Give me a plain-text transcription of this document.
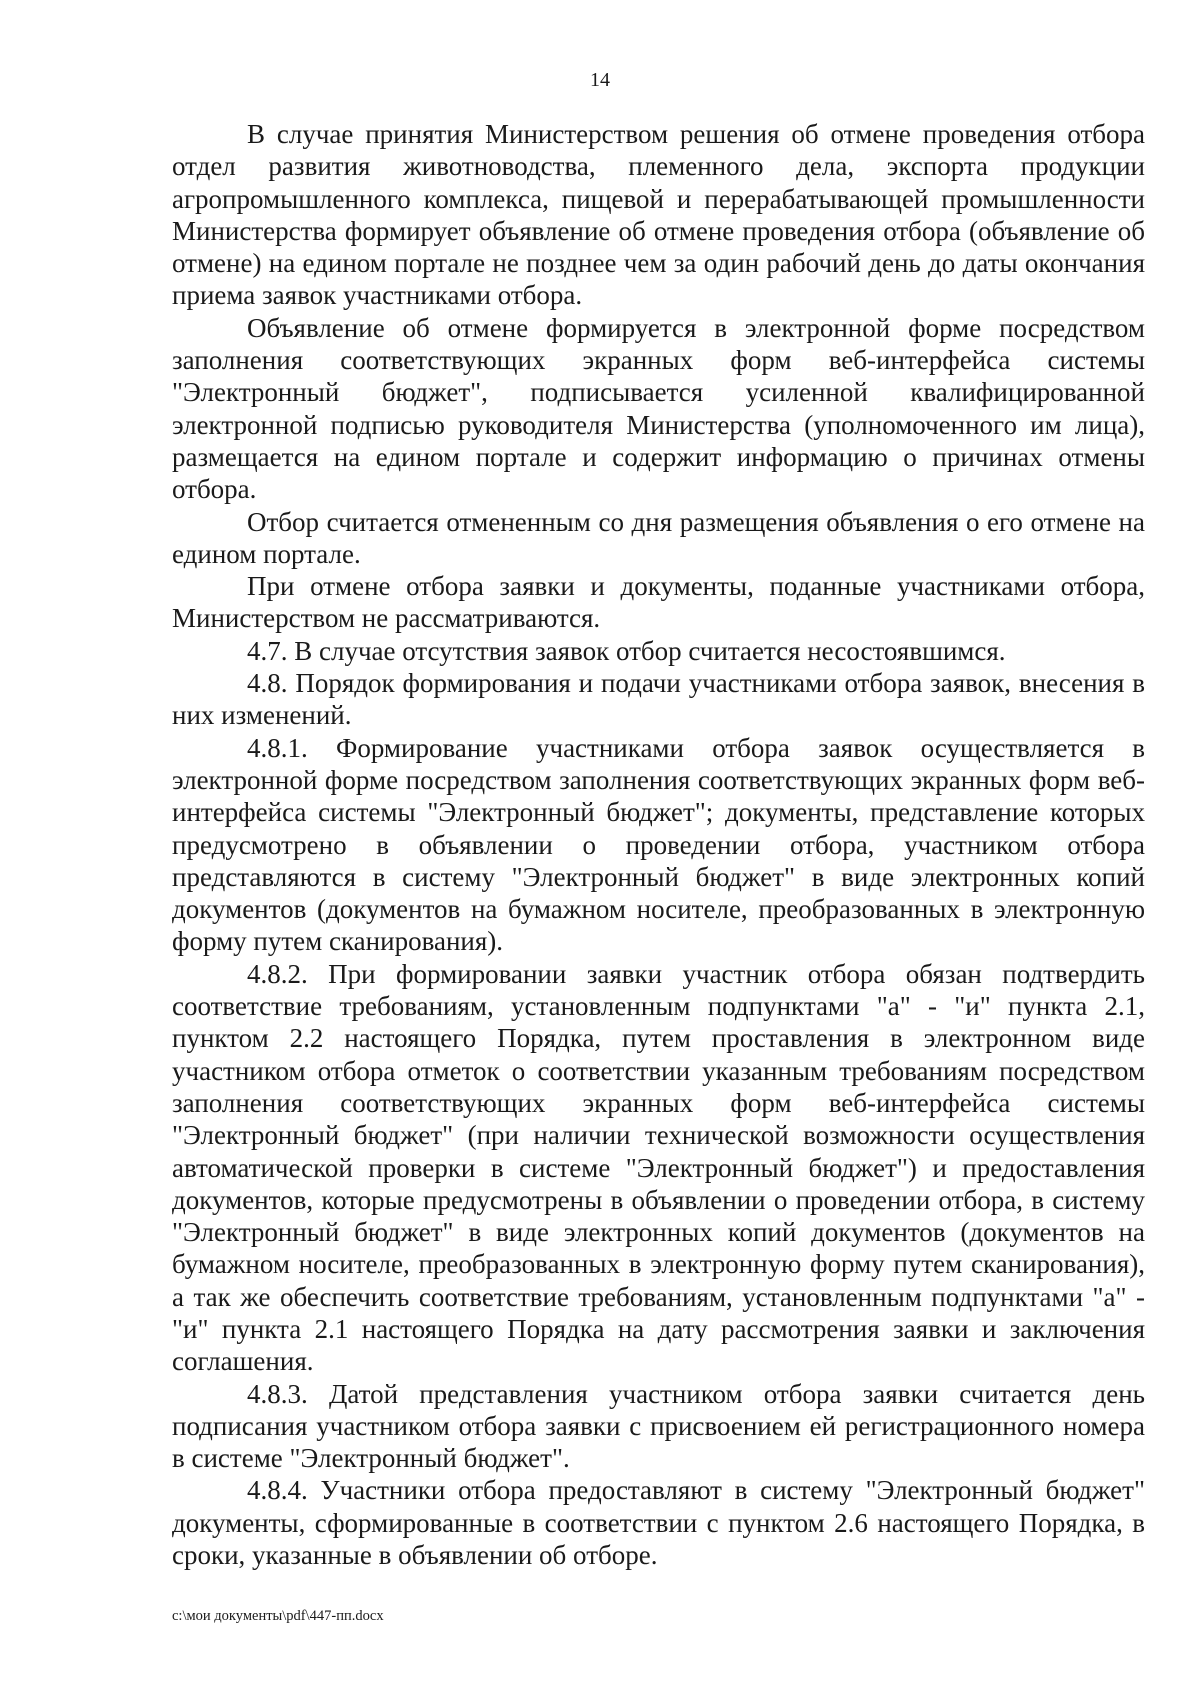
14

В случае принятия Министерством решения об отмене проведения отбора отдел развития животноводства, племенного дела, экспорта продукции агропромышленного комплекса, пищевой и перерабатывающей промышленности Министерства формирует объявление об отмене проведения отбора (объявление об отмене) на едином портале не позднее чем за один рабочий день до даты окончания приема заявок участниками отбора.

Объявление об отмене формируется в электронной форме посредством заполнения соответствующих экранных форм веб-интерфейса системы "Электронный бюджет", подписывается усиленной квалифицированной электронной подписью руководителя Министерства (уполномоченного им лица), размещается на едином портале и содержит информацию о причинах отмены отбора.

Отбор считается отмененным со дня размещения объявления о его отмене на едином портале.

При отмене отбора заявки и документы, поданные участниками отбора, Министерством не рассматриваются.

4.7. В случае отсутствия заявок отбор считается несостоявшимся.

4.8. Порядок формирования и подачи участниками отбора заявок, внесения в них изменений.

4.8.1. Формирование участниками отбора заявок осуществляется в электронной форме посредством заполнения соответствующих экранных форм веб-интерфейса системы "Электронный бюджет"; документы, представление которых предусмотрено в объявлении о проведении отбора, участником отбора представляются в систему "Электронный бюджет" в виде электронных копий документов (документов на бумажном носителе, преобразованных в электронную форму путем сканирования).

4.8.2. При формировании заявки участник отбора обязан подтвердить соответствие требованиям, установленным подпунктами "а" - "и" пункта 2.1, пунктом 2.2 настоящего Порядка, путем проставления в электронном виде участником отбора отметок о соответствии указанным требованиям посредством заполнения соответствующих экранных форм веб-интерфейса системы "Электронный бюджет" (при наличии технической возможности осуществления автоматической проверки в системе "Электронный бюджет") и предоставления документов, которые предусмотрены в объявлении о проведении отбора, в систему "Электронный бюджет" в виде электронных копий документов (документов на бумажном носителе, преобразованных в электронную форму путем сканирования), а так же обеспечить соответствие требованиям, установленным подпунктами "а" - "и" пункта 2.1 настоящего Порядка на дату рассмотрения заявки и заключения соглашения.

4.8.3. Датой представления участником отбора заявки считается день подписания участником отбора заявки с присвоением ей регистрационного номера в системе "Электронный бюджет".

4.8.4. Участники отбора предоставляют в систему "Электронный бюджет" документы, сформированные в соответствии с пунктом 2.6 настоящего Порядка, в сроки, указанные в объявлении об отборе.

c:\мои документы\pdf\447-пп.docx
